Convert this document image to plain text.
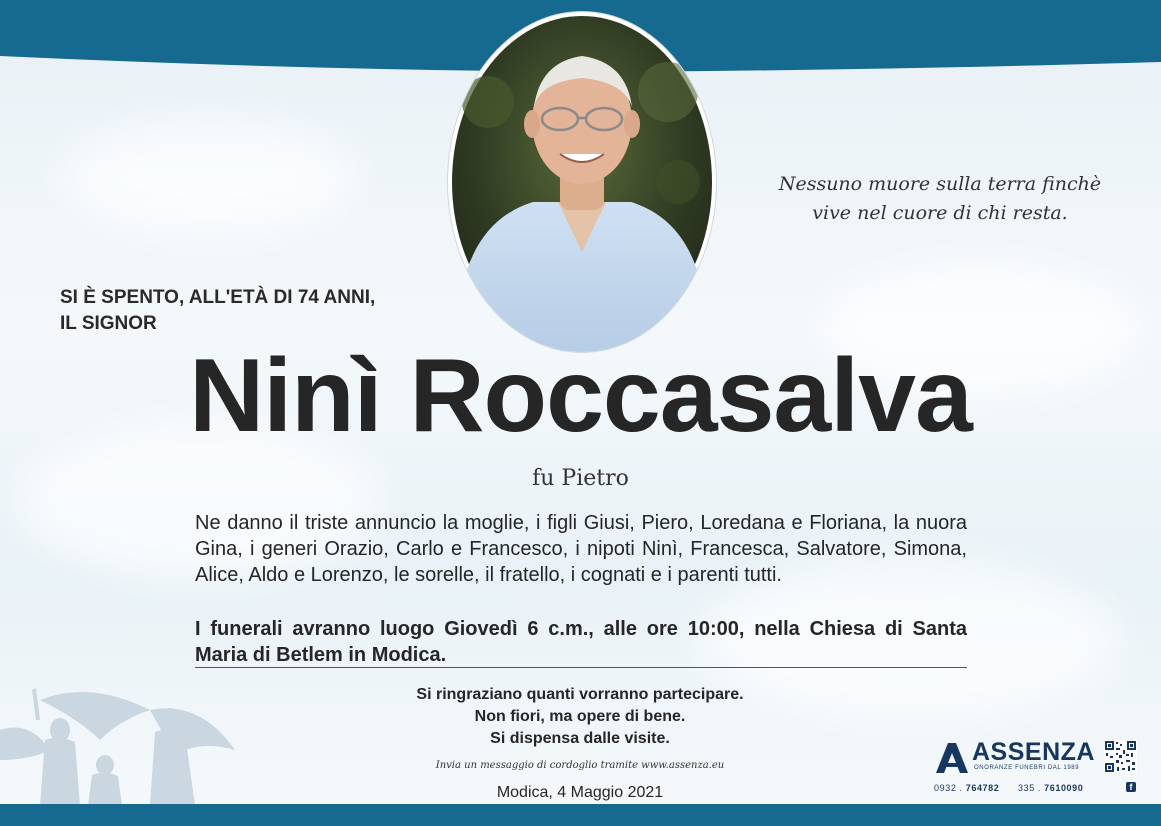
Nessuno muore sulla terra finchè
vive nel cuore di chi resta.
SI È SPENTO, ALL'ETÀ DI 74 ANNI,
IL SIGNOR
Ninì Roccasalva
fu Pietro
Ne danno il triste annuncio la moglie, i figli Giusi, Piero, Loredana e Floriana, la nuora Gina, i generi Orazio, Carlo e Francesco, i nipoti Ninì, Francesca, Salvatore, Simona, Alice, Aldo e Lorenzo, le sorelle, il fratello, i cognati e i parenti tutti.
I funerali avranno luogo Giovedì 6 c.m., alle ore 10:00, nella Chiesa di Santa Maria di Betlem in Modica.
Si ringraziano quanti vorranno partecipare.
Non fiori, ma opere di bene.
Si dispensa dalle visite.
Invia un messaggio di cordoglio tramite www.assenza.eu
Modica, 4 Maggio 2021
ASSENZA
ONORANZE FUNEBRI DAL 1989
0932 . 764782 335 . 7610090	f
